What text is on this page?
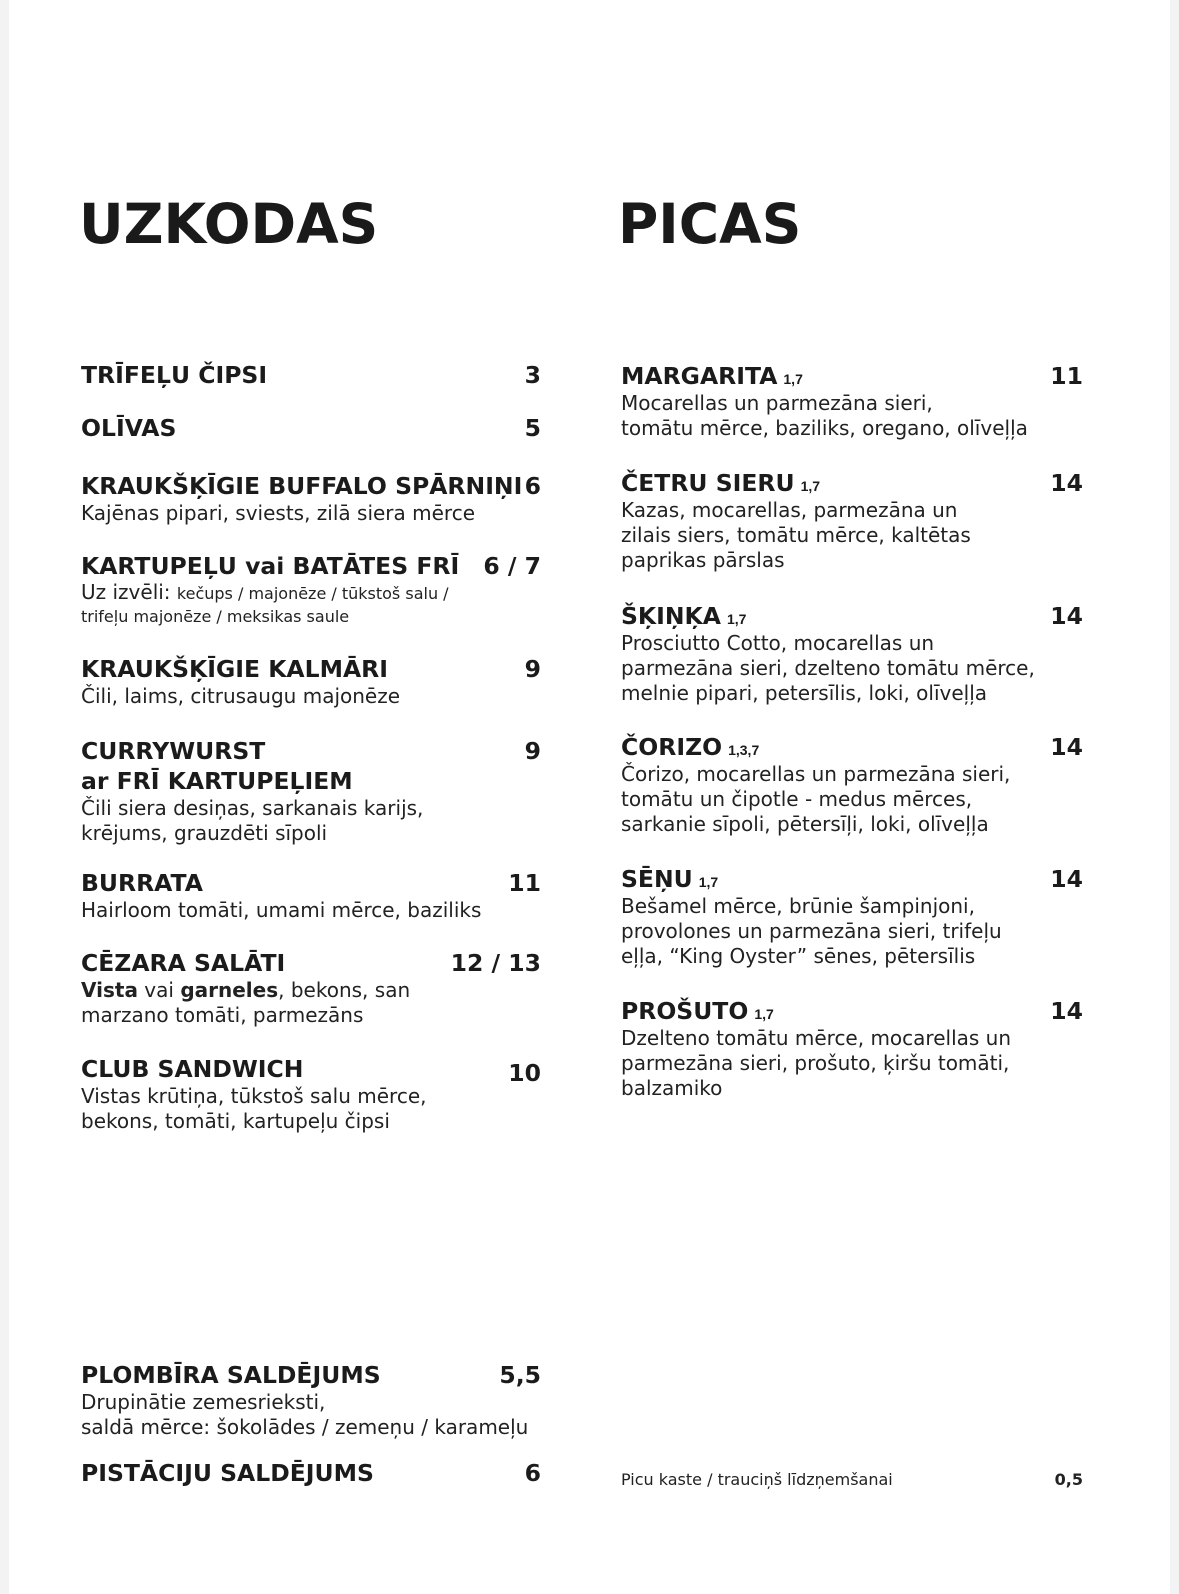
UZKODAS	PICAS
TRĪFEĻU ČIPSI	3
OLĪVAS	5
KRAUKŠĶĪGIE BUFFALO SPĀRNIŅI 6
Kajēnas pipari, sviests, zilā siera mērce
KARTUPEĻU vai BATĀTES FRĪ 6 / 7
Uz izvēli: kečups / majonēze / tūkstoš salu /
trifeļu majonēze / meksikas saule
KRAUKŠĶĪGIE KALMĀRI	9
Čili, laims, citrusaugu majonēze
CURRYWURST	9
ar FRĪ KARTUPEĻIEM
Čili siera desiņas, sarkanais karijs,
krējums, grauzdēti sīpoli
BURRATA	11
Hairloom tomāti, umami mērce, baziliks
CĒZARA SALĀTI	12 / 13
Vista vai garneles, bekons, san
marzano tomāti, parmezāns
CLUB SANDWICH	10
Vistas krūtiņa, tūkstoš salu mērce,
bekons, tomāti, kartupeļu čipsi
PLOMBĪRA SALDĒJUMS	5,5
Drupinātie zemesrieksti,
saldā mērce: šokolādes / zemeņu / karameļu
PISTĀCIJU SALDĒJUMS	6
MARGARITA 1,7	11
Mocarellas un parmezāna sieri,
tomātu mērce, baziliks, oregano, olīveļļa
ČETRU SIERU 1,7	14
Kazas, mocarellas, parmezāna un
zilais siers, tomātu mērce, kaltētas
paprikas pārslas
ŠĶIŅĶA 1,7	14
Prosciutto Cotto, mocarellas un
parmezāna sieri, dzelteno tomātu mērce,
melnie pipari, petersīlis, loki, olīveļļa
ČORIZO 1,3,7	14
Čorizo, mocarellas un parmezāna sieri,
tomātu un čipotle - medus mērces,
sarkanie sīpoli, pētersīļi, loki, olīveļļa
SĒŅU 1,7	14
Bešamel mērce, brūnie šampinjoni,
provolones un parmezāna sieri, trifeļu
eļļa, “King Oyster” sēnes, pētersīlis
PROŠUTO 1,7	14
Dzelteno tomātu mērce, mocarellas un
parmezāna sieri, prošuto, ķiršu tomāti,
balzamiko
Picu kaste / trauciņš līdzņemšanai	0,5
